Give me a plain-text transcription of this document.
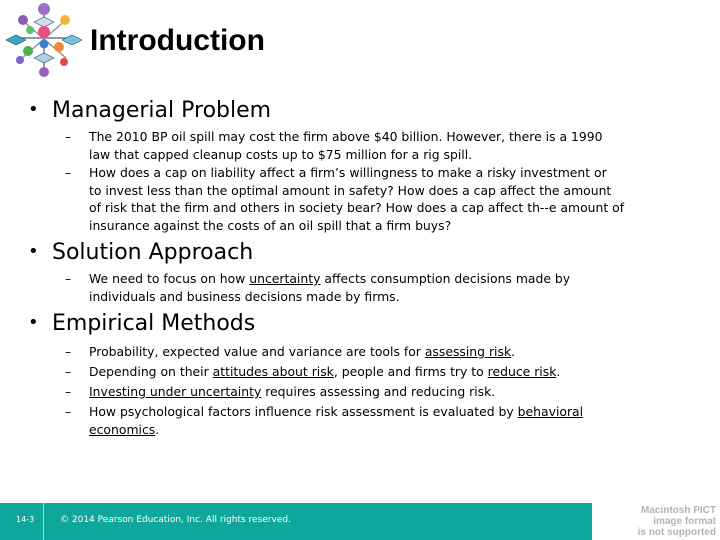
Introduction
• Managerial Problem
– The 2010 BP oil spill may cost the firm above $40 billion. However, there is a 1990
law that capped cleanup costs up to $75 million for a rig spill.
– How does a cap on liability affect a firm’s willingness to make a risky investment or
to invest less than the optimal amount in safety? How does a cap affect the amount
of risk that the firm and others in society bear? How does a cap affect th--e amount of
insurance against the costs of an oil spill that a firm buys?
• Solution Approach
– We need to focus on how uncertainty affects consumption decisions made by
individuals and business decisions made by firms.
• Empirical Methods
– Probability, expected value and variance are tools for assessing risk.
– Depending on their attitudes about risk, people and firms try to reduce risk.
– Investing under uncertainty requires assessing and reducing risk.
– How psychological factors influence risk assessment is evaluated by behavioral
economics.
14-3	© 2014 Pearson Education, Inc. All rights reserved.
Macintosh PICT
image format
is not supported
